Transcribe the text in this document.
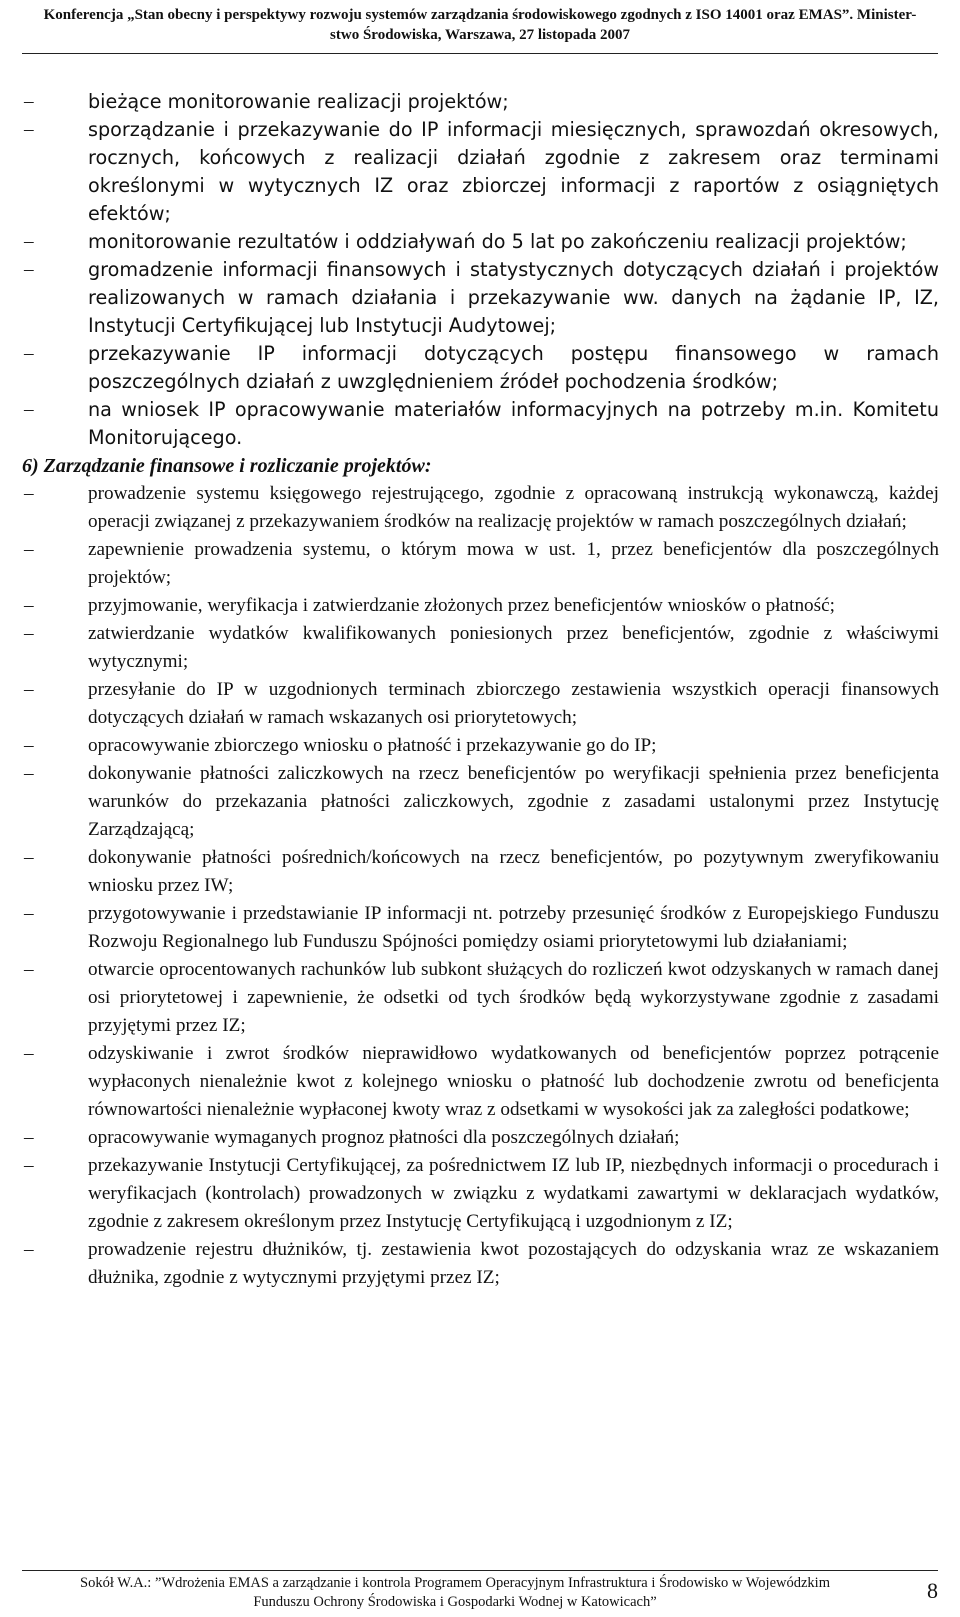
Konferencja „Stan obecny i perspektywy rozwoju systemów zarządzania środowiskowego zgodnych z ISO 14001 oraz EMAS”. Minister-
stwo Środowiska, Warszawa, 27 listopada 2007
–	bieżące monitorowanie realizacji projektów;
–	sporządzanie i przekazywanie do IP informacji miesięcznych, sprawozdań okresowych, rocznych, końcowych z realizacji działań zgodnie z zakresem oraz terminami określonymi w wytycznych IZ oraz zbiorczej informacji z raportów z osiągniętych efektów;
–	monitorowanie rezultatów i oddziaływań do 5 lat po zakończeniu realizacji projektów;
–	gromadzenie informacji finansowych i statystycznych dotyczących działań i projektów realizowanych w ramach działania i przekazywanie ww. danych na żądanie IP, IZ, Instytucji Certyfikującej lub Instytucji Audytowej;
–	przekazywanie IP informacji dotyczących postępu finansowego w ramach poszczególnych działań z uwzględnieniem źródeł pochodzenia środków;
–	na wniosek IP opracowywanie materiałów informacyjnych na potrzeby m.in. Komitetu Monitorującego.

6) Zarządzanie finansowe i rozliczanie projektów:

–	prowadzenie systemu księgowego rejestrującego, zgodnie z opracowaną instrukcją wykonawczą, każdej operacji związanej z przekazywaniem środków na realizację projektów w ramach poszczególnych działań;
–	zapewnienie prowadzenia systemu, o którym mowa w ust. 1, przez beneficjentów dla poszczególnych projektów;
–	przyjmowanie, weryfikacja i zatwierdzanie złożonych przez beneficjentów wniosków o płatność;
–	zatwierdzanie wydatków kwalifikowanych poniesionych przez beneficjentów, zgodnie z właściwymi wytycznymi;
–	przesyłanie do IP w uzgodnionych terminach zbiorczego zestawienia wszystkich operacji finansowych dotyczących działań w ramach wskazanych osi priorytetowych;
–	opracowywanie zbiorczego wniosku o płatność i przekazywanie go do IP;
–	dokonywanie płatności zaliczkowych na rzecz beneficjentów po weryfikacji spełnienia przez beneficjenta warunków do przekazania płatności zaliczkowych, zgodnie z zasadami ustalonymi przez Instytucję Zarządzającą;
–	dokonywanie płatności pośrednich/końcowych na rzecz beneficjentów, po pozytywnym zweryfikowaniu wniosku przez IW;
–	przygotowywanie i przedstawianie IP informacji nt. potrzeby przesunięć środków z Europejskiego Funduszu Rozwoju Regionalnego lub Funduszu Spójności pomiędzy osiami priorytetowymi lub działaniami;
–	otwarcie oprocentowanych rachunków lub subkont służących do rozliczeń kwot odzyskanych w ramach danej osi priorytetowej i zapewnienie, że odsetki od tych środków będą wykorzystywane zgodnie z zasadami przyjętymi przez IZ;
–	odzyskiwanie i zwrot środków nieprawidłowo wydatkowanych od beneficjentów poprzez potrącenie wypłaconych nienależnie kwot z kolejnego wniosku o płatność lub dochodzenie zwrotu od beneficjenta równowartości nienależnie wypłaconej kwoty wraz z odsetkami w wysokości jak za zaległości podatkowe;
–	opracowywanie wymaganych prognoz płatności dla poszczególnych działań;
–	przekazywanie Instytucji Certyfikującej, za pośrednictwem IZ lub IP, niezbędnych informacji o procedurach i weryfikacjach (kontrolach) prowadzonych w związku z wydatkami zawartymi w deklaracjach wydatków, zgodnie z zakresem określonym przez Instytucję Certyfikującą i uzgodnionym z IZ;
–	prowadzenie rejestru dłużników, tj. zestawienia kwot pozostających do odzyskania wraz ze wskazaniem dłużnika, zgodnie z wytycznymi przyjętymi przez IZ;
Sokół W.A.: ”Wdrożenia EMAS a zarządzanie i kontrola Programem Operacyjnym Infrastruktura i Środowisko w Wojewódzkim
Funduszu Ochrony Środowiska i Gospodarki Wodnej w Katowicach”	8
